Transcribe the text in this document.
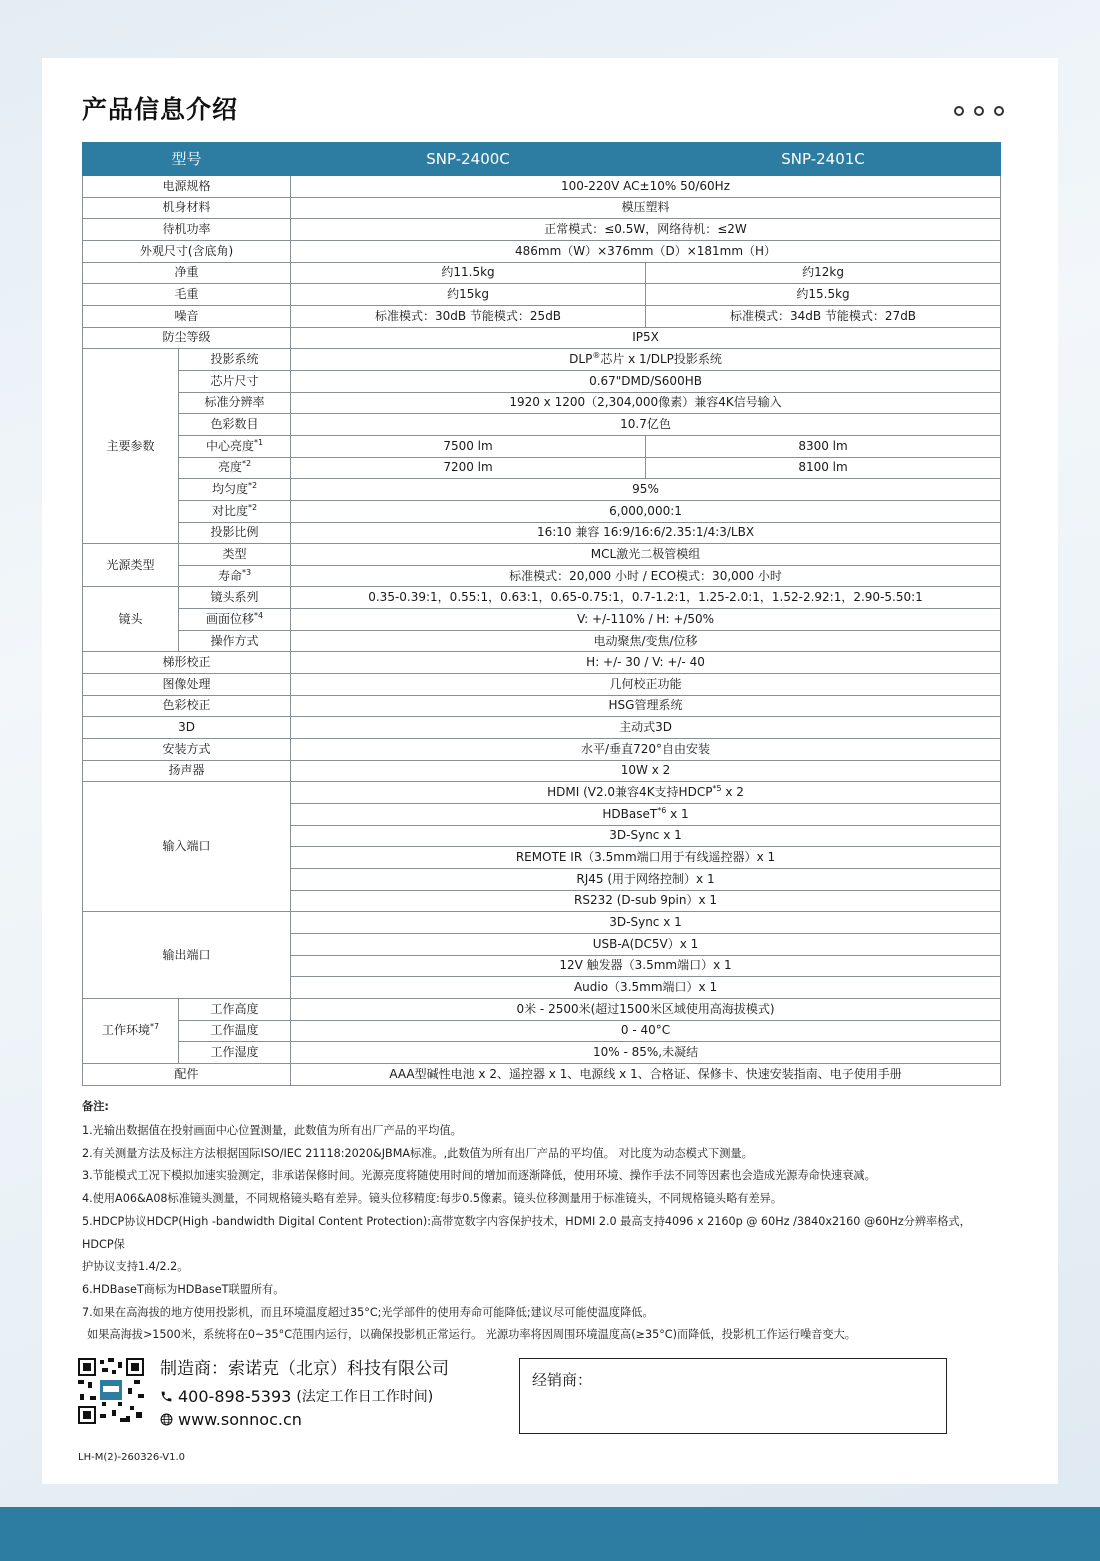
产品信息介绍
型号		SNP-2400C	SNP-2401C
电源规格		100-220V AC±10% 50/60Hz	
机身材料		模压塑料	
待机功率		正常模式：≤0.5W，网络待机：≤2W	
外观尺寸(含底角)		486mm（W）×376mm（D）×181mm（H）	
净重		约11.5kg	约12kg
毛重		约15kg	约15.5kg
噪音		标准模式：30dB 节能模式：25dB	标准模式：34dB 节能模式：27dB
防尘等级		IP5X	
主要参数	投影系统	DLP®芯片 x 1/DLP投影系统	
	芯片尺寸	0.67"DMD/S600HB	
	标准分辨率	1920 x 1200（2,304,000像素）兼容4K信号输入	
	色彩数目	10.7亿色	
	中心亮度$^{*1}$	7500 lm	8300 lm
	亮度$^{*2}$	7200 lm	8100 lm
	均匀度$^{*2}$	95%	
	对比度$^{*2}$	6,000,000:1	
	投影比例	16:10 兼容 16:9/16:6/2.35:1/4:3/LBX	
光源类型	类型	MCL激光二极管模组	
	寿命$^{*3}$	标准模式：20,000 小时 / ECO模式：30,000 小时	
镜头	镜头系列	0.35-0.39:1，0.55:1，0.63:1，0.65-0.75:1，0.7-1.2:1，1.25-2.0:1，1.52-2.92:1，2.90-5.50:1	
	画面位移$^{*4}$	V: +/-110% / H: +/50%	
	操作方式	电动聚焦/变焦/位移	
梯形校正		H: +/- 30 / V: +/- 40	
图像处理		几何校正功能	
色彩校正		HSG管理系统	
3D		主动式3D	
安装方式		水平/垂直720°自由安装	
扬声器		10W x 2	
输入端口		HDMI (V2.0兼容4K支持HDCP$^{*5}$ x 2	
		HDBaseT$^{*6}$ x 1	
		3D-Sync x 1	
		REMOTE IR（3.5mm端口用于有线遥控器）x 1	
		RJ45 (用于网络控制）x 1	
		RS232 (D-sub 9pin）x 1	
输出端口		3D-Sync x 1	
		USB-A(DC5V）x 1	
		12V 触发器（3.5mm端口）x 1	
		Audio（3.5mm端口）x 1	
工作环境$^{*7}$	工作高度	0米 - 2500米(超过1500米区域使用高海拔模式)	
	工作温度	0 - 40°C	
	工作湿度	10% - 85%,未凝结	
配件		AAA型碱性电池 x 2、遥控器 x 1、电源线 x 1、合格证、保修卡、快速安装指南、电子使用手册	
备注:
1.光输出数据值在投射画面中心位置测量，此数值为所有出厂产品的平均值。
2.有关测量方法及标注方法根据国际ISO/IEC 21118:2020&JBMA标准。,此数值为所有出厂产品的平均值。 对比度为动态模式下测量。
3.节能模式工况下模拟加速实验测定，非承诺保修时间。光源亮度将随使用时间的增加而逐渐降低，使用环境、操作手法不同等因素也会造成光源寿命快速衰减。
4.使用A06&A08标准镜头测量，不同规格镜头略有差异。镜头位移精度:每步0.5像素。镜头位移测量用于标准镜头，不同规格镜头略有差异。
5.HDCP协议HDCP(High -bandwidth Digital Content Protection):高带宽数字内容保护技术，HDMI 2.0 最高支持4096 x 2160p @ 60Hz /3840x2160 @60Hz分辨率格式，HDCP保
护协议支持1.4/2.2。
6.HDBaseT商标为HDBaseT联盟所有。
7.如果在高海拔的地方使用投影机，而且环境温度超过35°C;光学部件的使用寿命可能降低;建议尽可能使温度降低。
如果高海拔>1500米，系统将在0~35°C范围内运行，以确保投影机正常运行。 光源功率将因周围环境温度高(≥35°C)而降低，投影机工作运行噪音变大。
制造商：索诺克（北京）科技有限公司
400-898-5393 (法定工作日工作时间)
www.sonnoc.cn
经销商：
LH-M(2)-260326-V1.0
